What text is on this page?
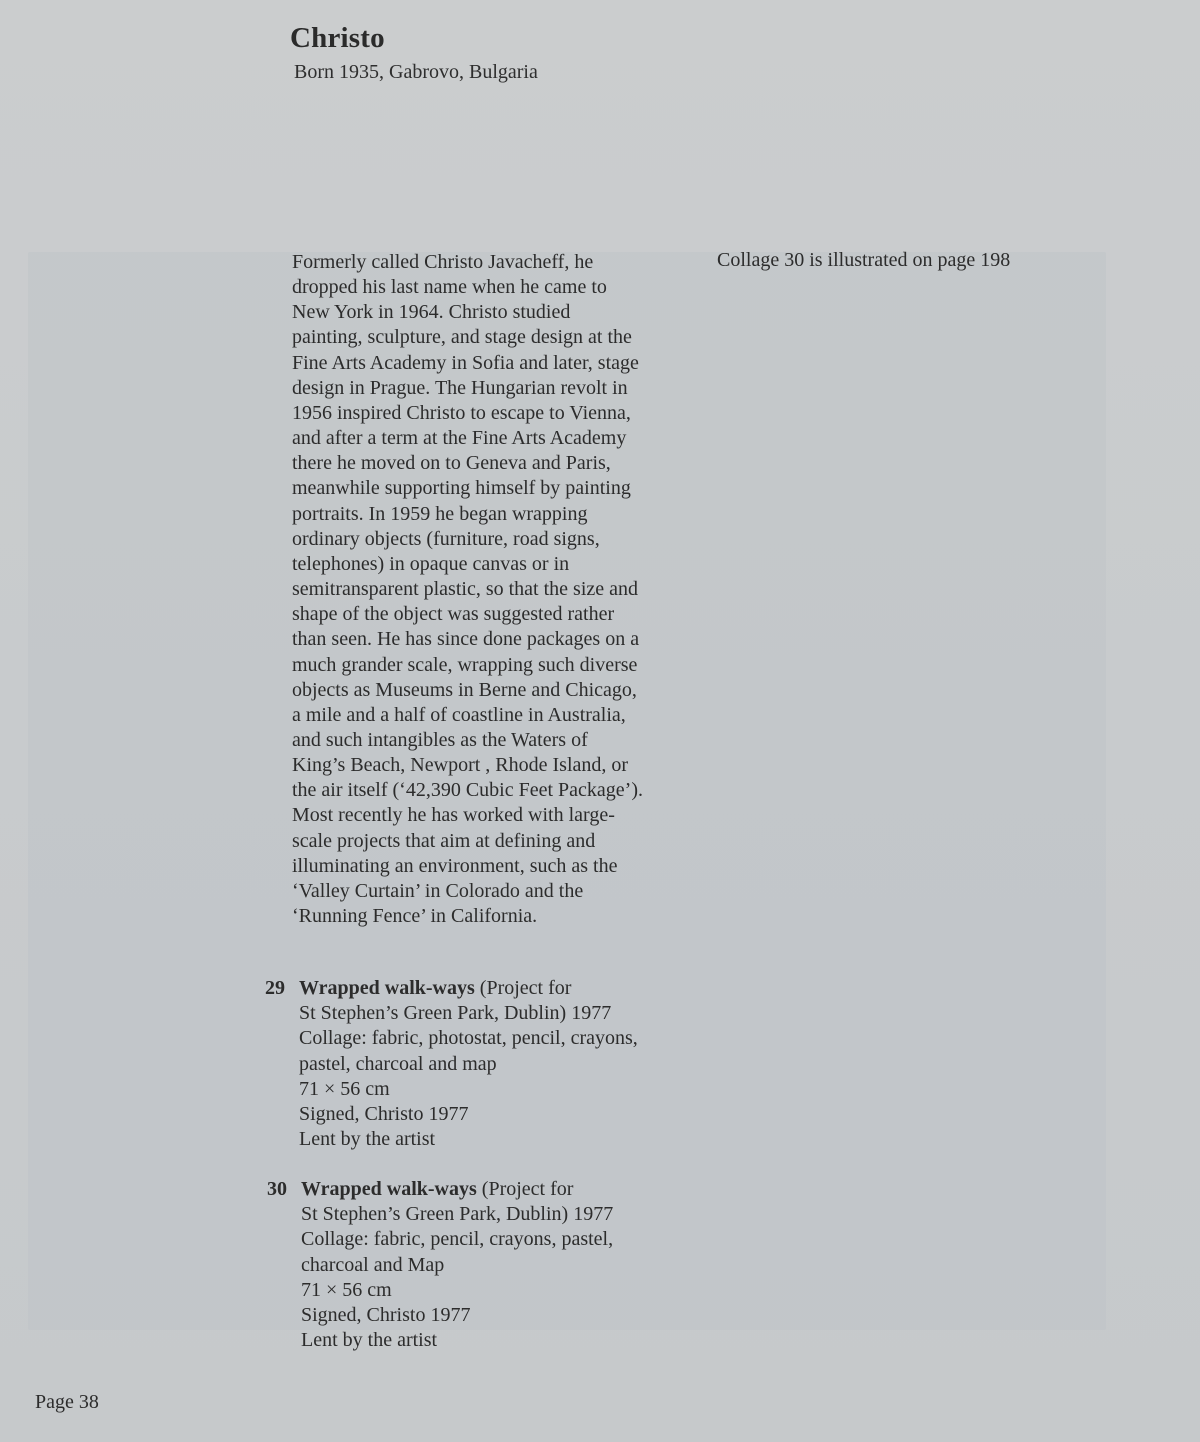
Christo
Born 1935, Gabrovo, Bulgaria
Formerly called Christo Javacheff, he
dropped his last name when he came to
New York in 1964. Christo studied
painting, sculpture, and stage design at the
Fine Arts Academy in Sofia and later, stage
design in Prague. The Hungarian revolt in
1956 inspired Christo to escape to Vienna,
and after a term at the Fine Arts Academy
there he moved on to Geneva and Paris,
meanwhile supporting himself by painting
portraits. In 1959 he began wrapping
ordinary objects (furniture, road signs,
telephones) in opaque canvas or in
semitransparent plastic, so that the size and
shape of the object was suggested rather
than seen. He has since done packages on a
much grander scale, wrapping such diverse
objects as Museums in Berne and Chicago,
a mile and a half of coastline in Australia,
and such intangibles as the Waters of
King’s Beach, Newport , Rhode Island, or
the air itself (‘42,390 Cubic Feet Package’).
Most recently he has worked with large-
scale projects that aim at defining and
illuminating an environment, such as the
‘Valley Curtain’ in Colorado and the
‘Running Fence’ in California.
Collage 30 is illustrated on page 198
29 Wrapped walk-ways (Project for
St Stephen’s Green Park, Dublin) 1977
Collage: fabric, photostat, pencil, crayons,
pastel, charcoal and map
71 × 56 cm
Signed, Christo 1977
Lent by the artist
30 Wrapped walk-ways (Project for
St Stephen’s Green Park, Dublin) 1977
Collage: fabric, pencil, crayons, pastel,
charcoal and Map
71 × 56 cm
Signed, Christo 1977
Lent by the artist
Page 38
